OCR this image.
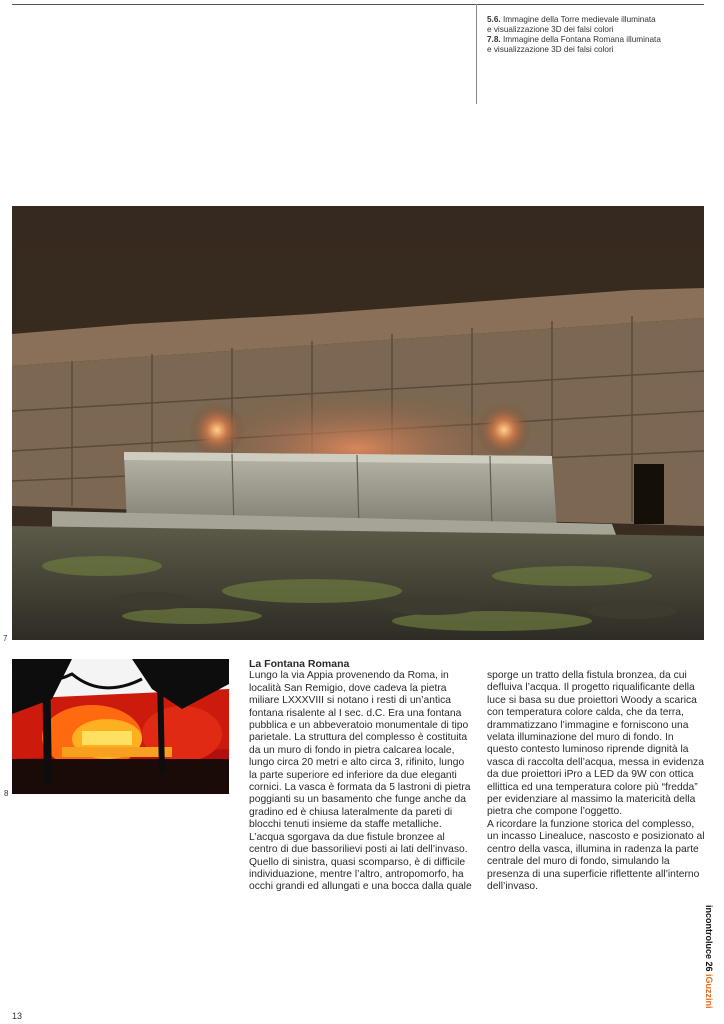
5.6. Immagine della Torre medievale illuminata
e visualizzazione 3D dei falsi colori
7.8. Immagine della Fontana Romana illuminata
e visualizzazione 3D dei falsi colori
7
8

La Fontana Romana

Lungo la via Appia provenendo da Roma, in località San Remigio, dove cadeva la pietra miliare LXXXVIII si notano i resti di un’antica fontana risalente al I sec. d.C. Era una fontana pubblica e un abbeveratoio monumentale di tipo parietale. La struttura del complesso è costituita da un muro di fondo in pietra calcarea locale, lungo circa 20 metri e alto circa 3, rifinito, lungo la parte superiore ed inferiore da due eleganti cornici. La vasca è formata da 5 lastroni di pietra poggianti su un basamento che funge anche da gradino ed è chiusa lateralmente da pareti di blocchi tenuti insieme da staffe metalliche. L’acqua sgorgava da due fistule bronzee al centro di due bassorilievi posti ai lati dell’invaso. Quello di sinistra, quasi scomparso, è di difficile individuazione, mentre l’altro, antropomorfo, ha occhi grandi ed allungati e una bocca dalla quale

sporge un tratto della fistula bronzea, da cui defluiva l’acqua. Il progetto riqualificante della luce si basa su due proiettori Woody a scarica con temperatura colore calda, che da terra, drammatizzano l’immagine e forniscono una velata illuminazione del muro di fondo. In questo contesto luminoso riprende dignità la vasca di raccolta dell’acqua, messa in evidenza da due proiettori iPro a LED da 9W con ottica ellittica ed una temperatura colore più “fredda” per evidenziare al massimo la matericità della pietra che compone l’oggetto.

A ricordare la funzione storica del complesso, un incasso Linealuce, nascosto e posizionato al centro della vasca, illumina in radenza la parte centrale del muro di fondo, simulando la presenza di una superficie riflettente all’interno dell’invaso.

incontroluce 26 iGuzzini
13
